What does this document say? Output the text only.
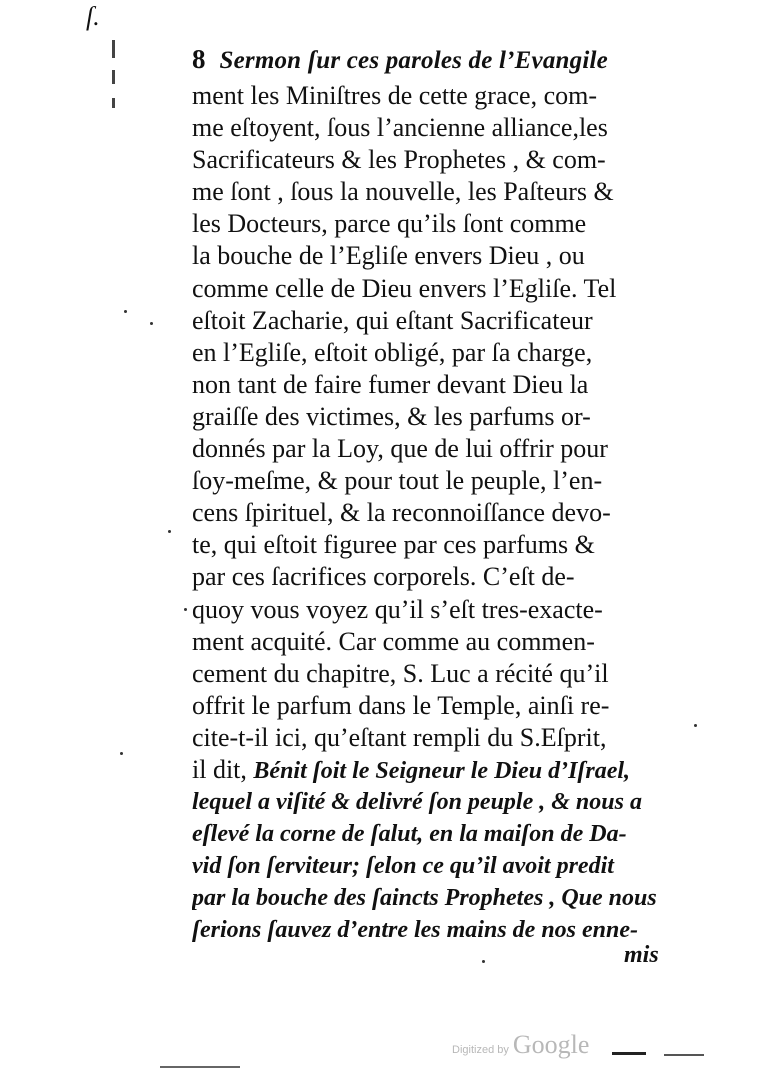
ſ.
8 Sermon ſur ces paroles de l’Evangile
ment les Miniſtres de cette grace, com-
me eſtoyent, ſous l’ancienne alliance,les
Sacrificateurs & les Prophetes , & com-
me ſont , ſous la nouvelle, les Paſteurs &
les Docteurs, parce qu’ils ſont comme
la bouche de l’Egliſe envers Dieu , ou
comme celle de Dieu envers l’Egliſe. Tel
eſtoit Zacharie, qui eſtant Sacrificateur
en l’Egliſe, eſtoit obligé, par ſa charge,
non tant de faire fumer devant Dieu la
graiſſe des victimes, & les parfums or-
donnés par la Loy, que de lui offrir pour
ſoy-meſme, & pour tout le peuple, l’en-
cens ſpirituel, & la reconnoiſſance devo-
te, qui eſtoit figuree par ces parfums &
par ces ſacrifices corporels. C’eſt de-
quoy vous voyez qu’il s’eſt tres-exacte-
ment acquité. Car comme au commen-
cement du chapitre, S. Luc a récité qu’il
offrit le parfum dans le Temple, ainſi re-
cite-t-il ici, qu’eſtant rempli du S.Eſprit,
il dit, Bénit ſoit le Seigneur le Dieu d’Iſrael,
lequel a viſité & delivré ſon peuple , & nous a
eſlevé la corne de ſalut, en la maiſon de Da-
vid ſon ſerviteur; ſelon ce qu’il avoit predit
par la bouche des ſaincts Prophetes , Que nous
ſerions ſauvez d’entre les mains de nos enne-
mis
Digitized by Google
